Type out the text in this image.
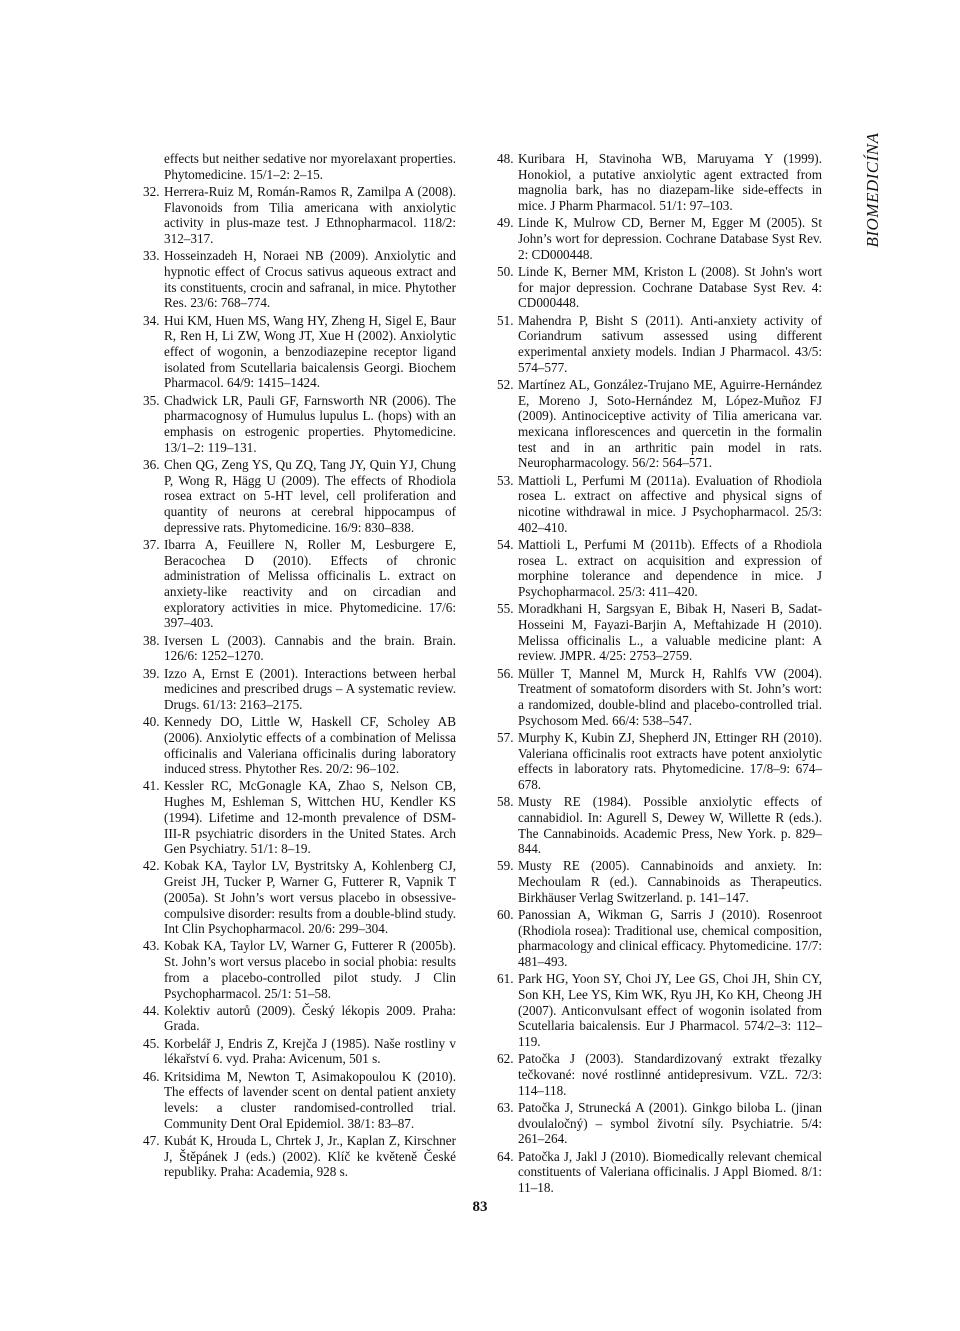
effects but neither sedative nor myorelaxant properties. Phytomedicine. 15/1–2: 2–15.
32. Herrera-Ruiz M, Román-Ramos R, Zamilpa A (2008). Flavonoids from Tilia americana with anxiolytic activity in plus-maze test. J Ethnopharmacol. 118/2: 312–317.
33. Hosseinzadeh H, Noraei NB (2009). Anxiolytic and hypnotic effect of Crocus sativus aqueous extract and its constituents, crocin and safranal, in mice. Phytother Res. 23/6: 768–774.
34. Hui KM, Huen MS, Wang HY, Zheng H, Sigel E, Baur R, Ren H, Li ZW, Wong JT, Xue H (2002). Anxiolytic effect of wogonin, a benzodiazepine receptor ligand isolated from Scutellaria baicalensis Georgi. Biochem Pharmacol. 64/9: 1415–1424.
35. Chadwick LR, Pauli GF, Farnsworth NR (2006). The pharmacognosy of Humulus lupulus L. (hops) with an emphasis on estrogenic properties. Phytomedicine. 13/1–2: 119–131.
36. Chen QG, Zeng YS, Qu ZQ, Tang JY, Quin YJ, Chung P, Wong R, Hägg U (2009). The effects of Rhodiola rosea extract on 5-HT level, cell proliferation and quantity of neurons at cerebral hippocampus of depressive rats. Phytomedicine. 16/9: 830–838.
37. Ibarra A, Feuillere N, Roller M, Lesburgere E, Beracochea D (2010). Effects of chronic administration of Melissa officinalis L. extract on anxiety-like reactivity and on circadian and exploratory activities in mice. Phytomedicine. 17/6: 397–403.
38. Iversen L (2003). Cannabis and the brain. Brain. 126/6: 1252–1270.
39. Izzo A, Ernst E (2001). Interactions between herbal medicines and prescribed drugs – A systematic review. Drugs. 61/13: 2163–2175.
40. Kennedy DO, Little W, Haskell CF, Scholey AB (2006). Anxiolytic effects of a combination of Melissa officinalis and Valeriana officinalis during laboratory induced stress. Phytother Res. 20/2: 96–102.
41. Kessler RC, McGonagle KA, Zhao S, Nelson CB, Hughes M, Eshleman S, Wittchen HU, Kendler KS (1994). Lifetime and 12-month prevalence of DSM-III-R psychiatric disorders in the United States. Arch Gen Psychiatry. 51/1: 8–19.
42. Kobak KA, Taylor LV, Bystritsky A, Kohlenberg CJ, Greist JH, Tucker P, Warner G, Futterer R, Vapnik T (2005a). St John’s wort versus placebo in obsessive-compulsive disorder: results from a double-blind study. Int Clin Psychopharmacol. 20/6: 299–304.
43. Kobak KA, Taylor LV, Warner G, Futterer R (2005b). St. John’s wort versus placebo in social phobia: results from a placebo-controlled pilot study. J Clin Psychopharmacol. 25/1: 51–58.
44. Kolektiv autorů (2009). Český lékopis 2009. Praha: Grada.
45. Korbelář J, Endris Z, Krejča J (1985). Naše rostliny v lékařství 6. vyd. Praha: Avicenum, 501 s.
46. Kritsidima M, Newton T, Asimakopoulou K (2010). The effects of lavender scent on dental patient anxiety levels: a cluster randomised-controlled trial. Community Dent Oral Epidemiol. 38/1: 83–87.
47. Kubát K, Hrouda L, Chrtek J, Jr., Kaplan Z, Kirschner J, Štěpánek J (eds.) (2002). Klíč ke květeně České republiky. Praha: Academia, 928 s.
48. Kuribara H, Stavinoha WB, Maruyama Y (1999). Honokiol, a putative anxiolytic agent extracted from magnolia bark, has no diazepam-like side-effects in mice. J Pharm Pharmacol. 51/1: 97–103.
49. Linde K, Mulrow CD, Berner M, Egger M (2005). St John’s wort for depression. Cochrane Database Syst Rev. 2: CD000448.
50. Linde K, Berner MM, Kriston L (2008). St John's wort for major depression. Cochrane Database Syst Rev. 4: CD000448.
51. Mahendra P, Bisht S (2011). Anti-anxiety activity of Coriandrum sativum assessed using different experimental anxiety models. Indian J Pharmacol. 43/5: 574–577.
52. Martínez AL, González-Trujano ME, Aguirre-Hernández E, Moreno J, Soto-Hernández M, López-Muñoz FJ (2009). Antinociceptive activity of Tilia americana var. mexicana inflorescences and quercetin in the formalin test and in an arthritic pain model in rats. Neuropharmacology. 56/2: 564–571.
53. Mattioli L, Perfumi M (2011a). Evaluation of Rhodiola rosea L. extract on affective and physical signs of nicotine withdrawal in mice. J Psychopharmacol. 25/3: 402–410.
54. Mattioli L, Perfumi M (2011b). Effects of a Rhodiola rosea L. extract on acquisition and expression of morphine tolerance and dependence in mice. J Psychopharmacol. 25/3: 411–420.
55. Moradkhani H, Sargsyan E, Bibak H, Naseri B, Sadat-Hosseini M, Fayazi-Barjin A, Meftahizade H (2010). Melissa officinalis L., a valuable medicine plant: A review. JMPR. 4/25: 2753–2759.
56. Müller T, Mannel M, Murck H, Rahlfs VW (2004). Treatment of somatoform disorders with St. John’s wort: a randomized, double-blind and placebo-controlled trial. Psychosom Med. 66/4: 538–547.
57. Murphy K, Kubin ZJ, Shepherd JN, Ettinger RH (2010). Valeriana officinalis root extracts have potent anxiolytic effects in laboratory rats. Phytomedicine. 17/8–9: 674–678.
58. Musty RE (1984). Possible anxiolytic effects of cannabidiol. In: Agurell S, Dewey W, Willette R (eds.). The Cannabinoids. Academic Press, New York. p. 829–844.
59. Musty RE (2005). Cannabinoids and anxiety. In: Mechoulam R (ed.). Cannabinoids as Therapeutics. Birkhäuser Verlag Switzerland. p. 141–147.
60. Panossian A, Wikman G, Sarris J (2010). Rosenroot (Rhodiola rosea): Traditional use, chemical composition, pharmacology and clinical efficacy. Phytomedicine. 17/7: 481–493.
61. Park HG, Yoon SY, Choi JY, Lee GS, Choi JH, Shin CY, Son KH, Lee YS, Kim WK, Ryu JH, Ko KH, Cheong JH (2007). Anticonvulsant effect of wogonin isolated from Scutellaria baicalensis. Eur J Pharmacol. 574/2–3: 112–119.
62. Patočka J (2003). Standardizovaný extrakt třezalky tečkované: nové rostlinné antidepresivum. VZL. 72/3: 114–118.
63. Patočka J, Strunecká A (2001). Ginkgo biloba L. (jinan dvoulaločný) – symbol životní síly. Psychiatrie. 5/4: 261–264.
64. Patočka J, Jakl J (2010). Biomedically relevant chemical constituents of Valeriana officinalis. J Appl Biomed. 8/1: 11–18.
BIOMEDICÍNA
83
